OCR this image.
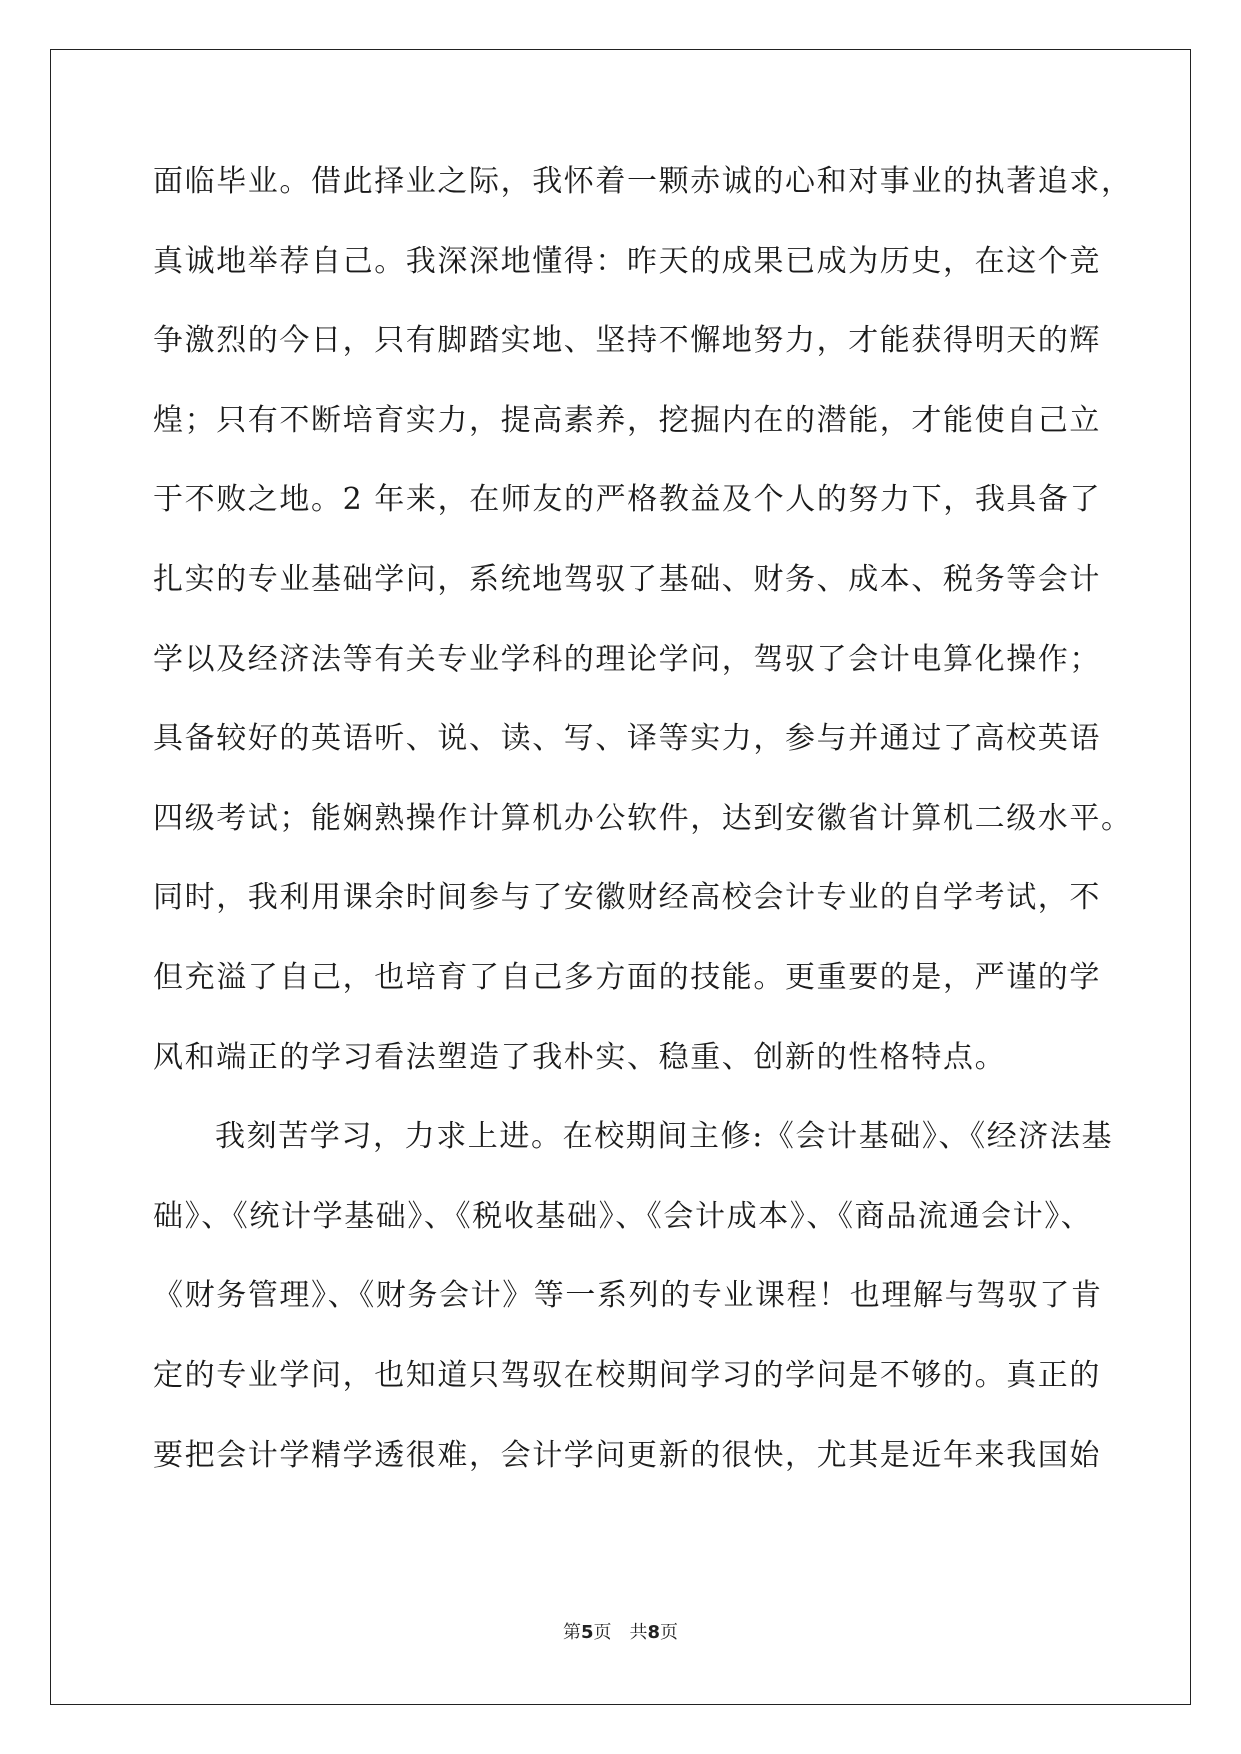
面临毕业。借此择业之际，我怀着一颗赤诚的心和对事业的执著追求，
真诚地举荐自己。我深深地懂得：昨天的成果已成为历史，在这个竞
争激烈的今日，只有脚踏实地、坚持不懈地努力，才能获得明天的辉
煌；只有不断培育实力，提高素养，挖掘内在的潜能，才能使自己立
于不败之地。2 年来，在师友的严格教益及个人的努力下，我具备了
扎实的专业基础学问，系统地驾驭了基础、财务、成本、税务等会计
学以及经济法等有关专业学科的理论学问，驾驭了会计电算化操作；
具备较好的英语听、说、读、写、译等实力，参与并通过了高校英语
四级考试；能娴熟操作计算机办公软件，达到安徽省计算机二级水平。
同时，我利用课余时间参与了安徽财经高校会计专业的自学考试，不
但充溢了自己，也培育了自己多方面的技能。更重要的是，严谨的学
风和端正的学习看法塑造了我朴实、稳重、创新的性格特点。
我刻苦学习，力求上进。在校期间主修:《会计基础》、《经济法基
础》、《统计学基础》、《税收基础》、《会计成本》、《商品流通会计》、
《财务管理》、《财务会计》等一系列的专业课程！也理解与驾驭了肯
定的专业学问，也知道只驾驭在校期间学习的学问是不够的。真正的
要把会计学精学透很难，会计学问更新的很快，尤其是近年来我国始
第5页 共8页
